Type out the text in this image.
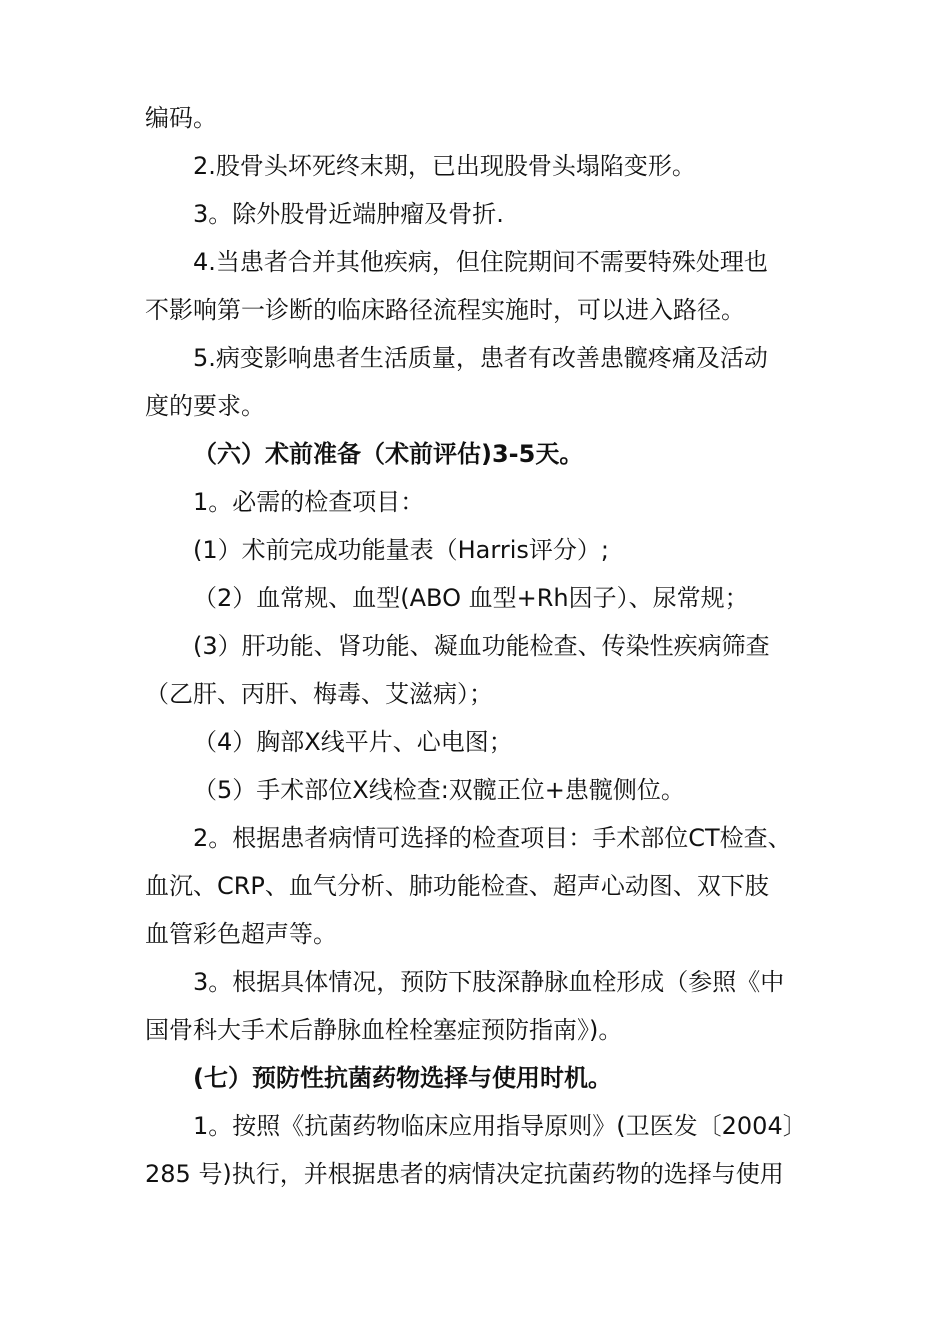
编码。
2.股骨头坏死终末期，已出现股骨头塌陷变形。
3。除外股骨近端肿瘤及骨折.
4.当患者合并其他疾病，但住院期间不需要特殊处理也
不影响第一诊断的临床路径流程实施时，可以进入路径。
5.病变影响患者生活质量，患者有改善患髋疼痛及活动
度的要求。
（六）术前准备（术前评估)3-5天。
1。必需的检查项目：
(1）术前完成功能量表（Harris评分）;
（2）血常规、血型(ABO 血型+Rh因子）、尿常规；
(3）肝功能、肾功能、凝血功能检查、传染性疾病筛查
（乙肝、丙肝、梅毒、艾滋病）；
（4）胸部X线平片、心电图；
（5）手术部位X线检查:双髋正位+患髋侧位。
2。根据患者病情可选择的检查项目：手术部位CT检查、
血沉、CRP、血气分析、肺功能检查、超声心动图、双下肢
血管彩色超声等。
3。根据具体情况，预防下肢深静脉血栓形成（参照《中
国骨科大手术后静脉血栓栓塞症预防指南》)。
(七）预防性抗菌药物选择与使用时机。
1。按照《抗菌药物临床应用指导原则》(卫医发〔2004〕
285 号)执行，并根据患者的病情决定抗菌药物的选择与使用
